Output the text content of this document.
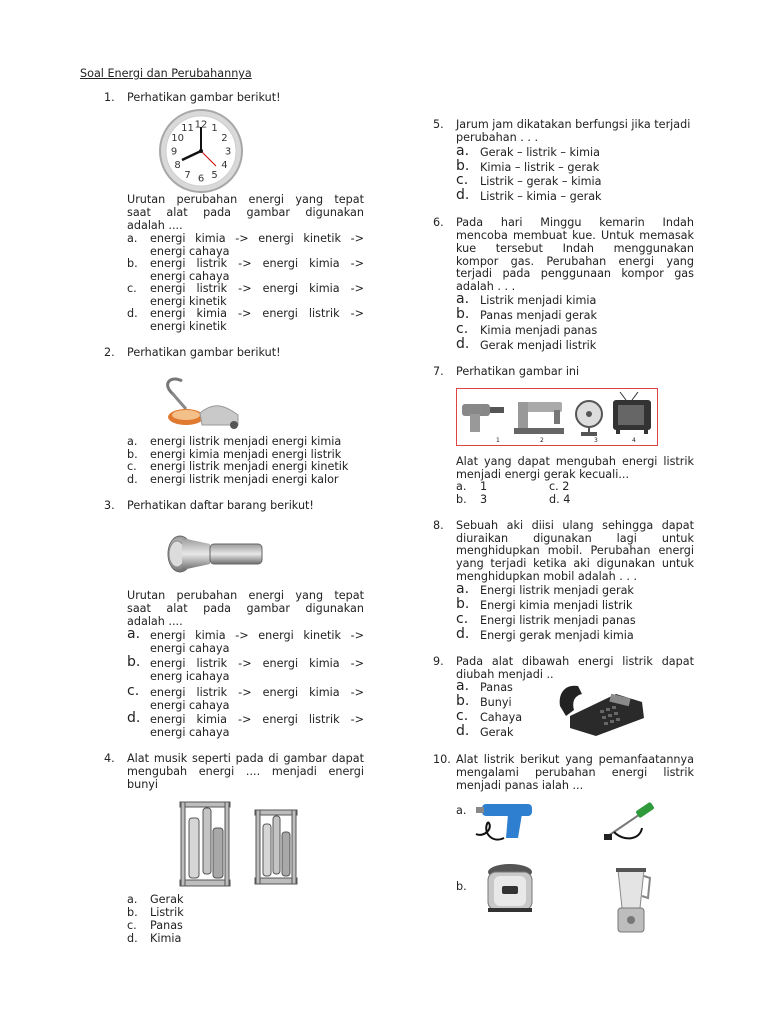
Soal Energi dan Perubahannya
1. Perhatikan gambar berikut!
12 1
2
3
4
5
6
7
8
9
10
11
Urutan perubahan energi yang tepat
saat alat pada gambar digunakan
adalah ....
a. energi kimia -> energi kinetik ->
energi cahaya
b. energi listrik -> energi kimia ->
energi cahaya
c. energi listrik -> energi kimia ->
energi kinetik
d. energi kimia -> energi listrik ->
energi kinetik
2. Perhatikan gambar berikut!
a. energi listrik menjadi energi kimia
b. energi kimia menjadi energi listrik
c. energi listrik menjadi energi kinetik
d. energi listrik menjadi energi kalor
3. Perhatikan daftar barang berikut!
Urutan perubahan energi yang tepat
saat alat pada gambar digunakan
adalah ....
a. energi kimia -> energi kinetik ->
energi cahaya
b. energi listrik -> energi kimia ->
energ icahaya
c. energi listrik -> energi kimia ->
energi cahaya
d. energi kimia -> energi listrik ->
energi cahaya
4. Alat musik seperti pada di gambar dapat
mengubah energi .... menjadi energi
bunyi
a. Gerak
b. Listrik
c. Panas
d. Kimia
5. Jarum jam dikatakan berfungsi jika terjadi
perubahan . . .
a. Gerak – listrik – kimia
b. Kimia – listrik – gerak
c. Listrik – gerak – kimia
d. Listrik – kimia – gerak
6. Pada hari Minggu kemarin Indah
mencoba membuat kue. Untuk memasak
kue tersebut Indah menggunakan
kompor gas. Perubahan energi yang
terjadi pada penggunaan kompor gas
adalah . . .
a. Listrik menjadi kimia
b. Panas menjadi gerak
c. Kimia menjadi panas
d. Gerak menjadi listrik
7. Perhatikan gambar ini
1	2	3	4
Alat yang dapat mengubah energi listrik
menjadi energi gerak kecuali...
a. 1	c. 2
b. 3	d. 4
8. Sebuah aki diisi ulang sehingga dapat
diuraikan digunakan lagi untuk
menghidupkan mobil. Perubahan energi
yang terjadi ketika aki digunakan untuk
menghidupkan mobil adalah . . .
a. Energi listrik menjadi gerak
b. Energi kimia menjadi listrik
c. Energi listrik menjadi panas
d. Energi gerak menjadi kimia
9. Pada alat dibawah energi listrik dapat
diubah menjadi ..
a. Panas
b. Bunyi
c. Cahaya
d. Gerak
10. Alat listrik berikut yang pemanfaatannya
mengalami perubahan energi listrik
menjadi panas ialah ...
a.
b.
